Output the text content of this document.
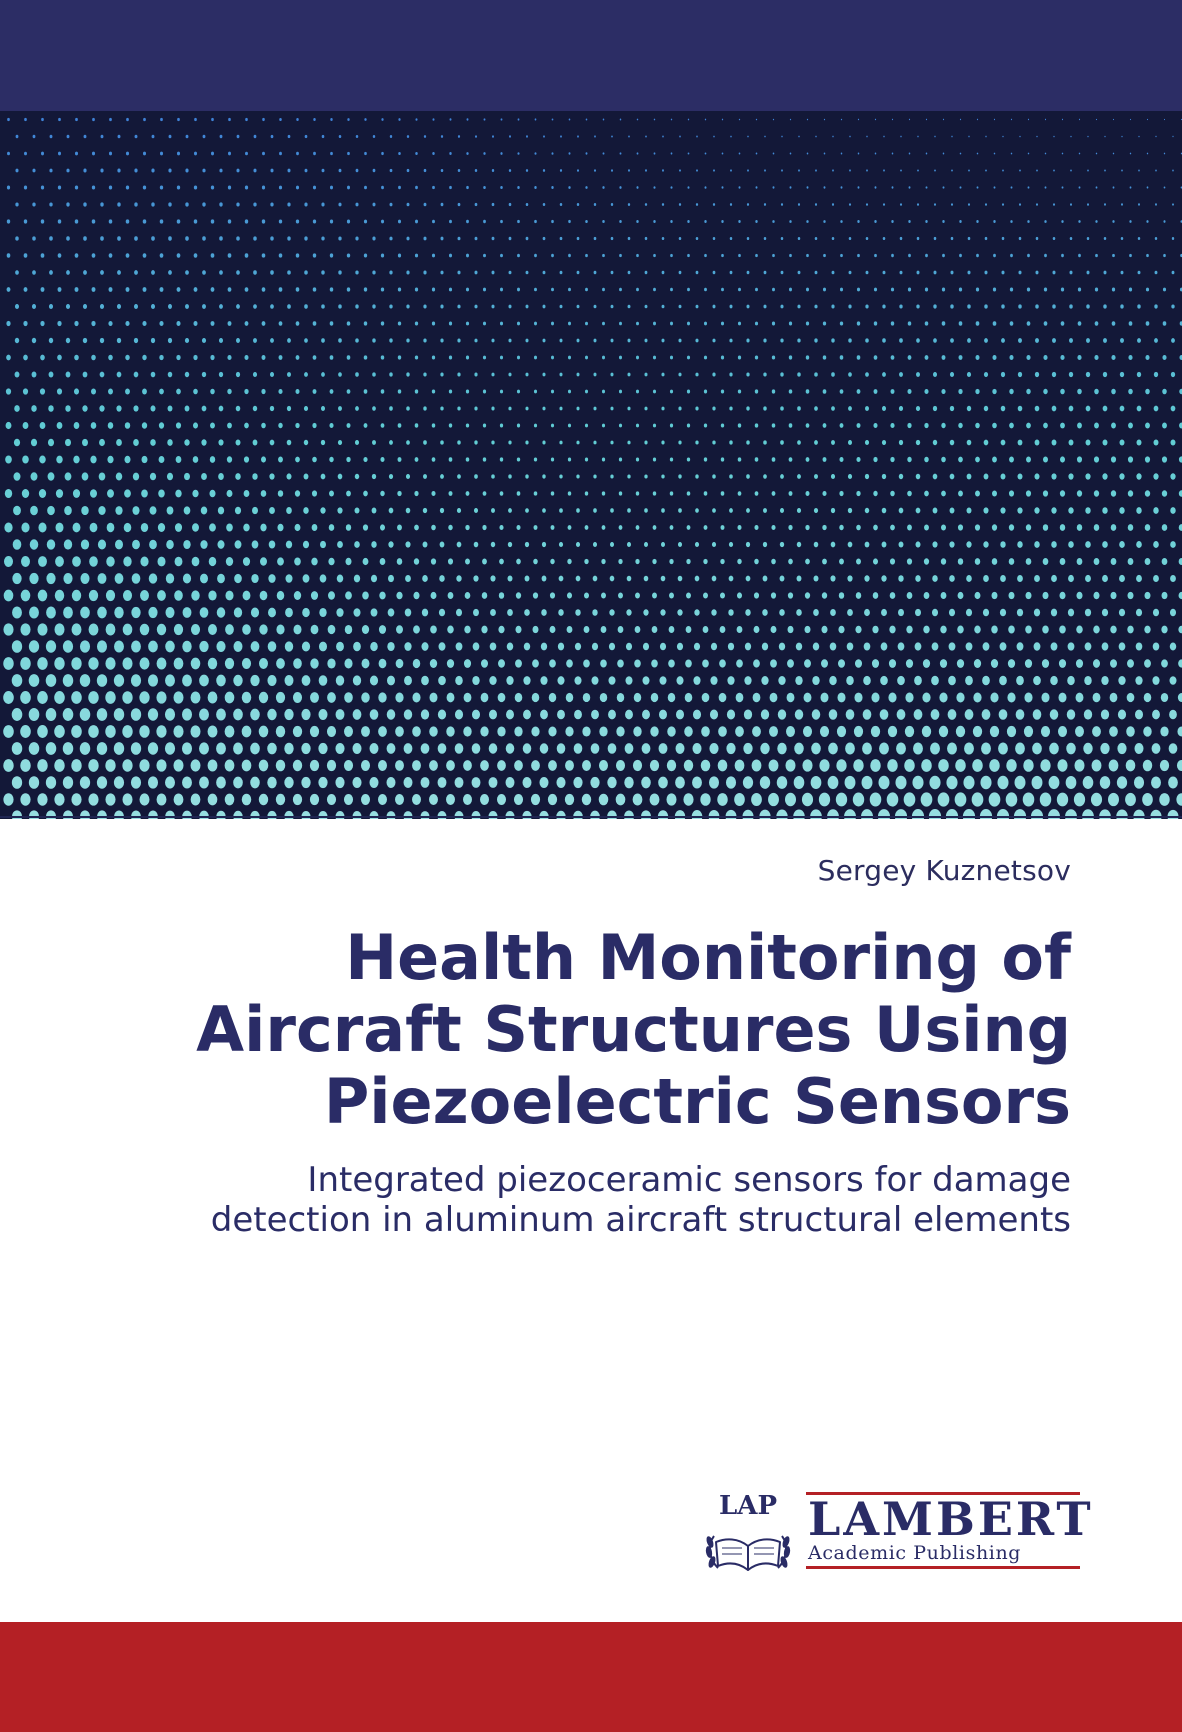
Sergey Kuznetsov
Health Monitoring of
Aircraft Structures Using
Piezoelectric Sensors
Integrated piezoceramic sensors for damage
detection in aluminum aircraft structural elements
LAP LAMBERT
Academic Publishing
